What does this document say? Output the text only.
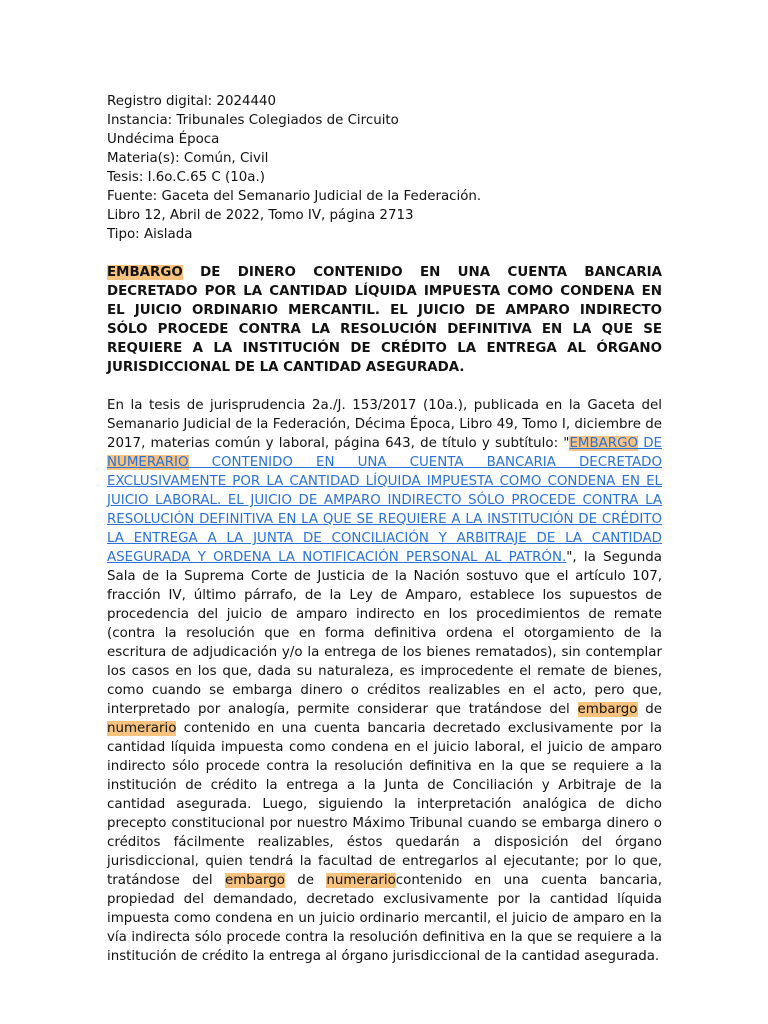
Registro digital: 2024440
Instancia: Tribunales Colegiados de Circuito
Undécima Época
Materia(s): Común, Civil
Tesis: I.6o.C.65 C (10a.)
Fuente: Gaceta del Semanario Judicial de la Federación.
Libro 12, Abril de 2022, Tomo IV, página 2713
Tipo: Aislada
EMBARGO DE DINERO CONTENIDO EN UNA CUENTA BANCARIA DECRETADO POR LA CANTIDAD LÍQUIDA IMPUESTA COMO CONDENA EN EL JUICIO ORDINARIO MERCANTIL. EL JUICIO DE AMPARO INDIRECTO SÓLO PROCEDE CONTRA LA RESOLUCIÓN DEFINITIVA EN LA QUE SE REQUIERE A LA INSTITUCIÓN DE CRÉDITO LA ENTREGA AL ÓRGANO JURISDICCIONAL DE LA CANTIDAD ASEGURADA.
En la tesis de jurisprudencia 2a./J. 153/2017 (10a.), publicada en la Gaceta del Semanario Judicial de la Federación, Décima Época, Libro 49, Tomo I, diciembre de 2017, materias común y laboral, página 643, de título y subtítulo: "EMBARGO DE NUMERARIO CONTENIDO EN UNA CUENTA BANCARIA DECRETADO EXCLUSIVAMENTE POR LA CANTIDAD LÍQUIDA IMPUESTA COMO CONDENA EN EL JUICIO LABORAL. EL JUICIO DE AMPARO INDIRECTO SÓLO PROCEDE CONTRA LA RESOLUCIÓN DEFINITIVA EN LA QUE SE REQUIERE A LA INSTITUCIÓN DE CRÉDITO LA ENTREGA A LA JUNTA DE CONCILIACIÓN Y ARBITRAJE DE LA CANTIDAD ASEGURADA Y ORDENA LA NOTIFICACIÓN PERSONAL AL PATRÓN.", la Segunda Sala de la Suprema Corte de Justicia de la Nación sostuvo que el artículo 107, fracción IV, último párrafo, de la Ley de Amparo, establece los supuestos de procedencia del juicio de amparo indirecto en los procedimientos de remate (contra la resolución que en forma definitiva ordena el otorgamiento de la escritura de adjudicación y/o la entrega de los bienes rematados), sin contemplar los casos en los que, dada su naturaleza, es improcedente el remate de bienes, como cuando se embarga dinero o créditos realizables en el acto, pero que, interpretado por analogía, permite considerar que tratándose del embargo de numerario contenido en una cuenta bancaria decretado exclusivamente por la cantidad líquida impuesta como condena en el juicio laboral, el juicio de amparo indirecto sólo procede contra la resolución definitiva en la que se requiere a la institución de crédito la entrega a la Junta de Conciliación y Arbitraje de la cantidad asegurada. Luego, siguiendo la interpretación analógica de dicho precepto constitucional por nuestro Máximo Tribunal cuando se embarga dinero o créditos fácilmente realizables, éstos quedarán a disposición del órgano jurisdiccional, quien tendrá la facultad de entregarlos al ejecutante; por lo que, tratándose del embargo de numerariocontenido en una cuenta bancaria, propiedad del demandado, decretado exclusivamente por la cantidad líquida impuesta como condena en un juicio ordinario mercantil, el juicio de amparo en la vía indirecta sólo procede contra la resolución definitiva en la que se requiere a la institución de crédito la entrega al órgano jurisdiccional de la cantidad asegurada.
